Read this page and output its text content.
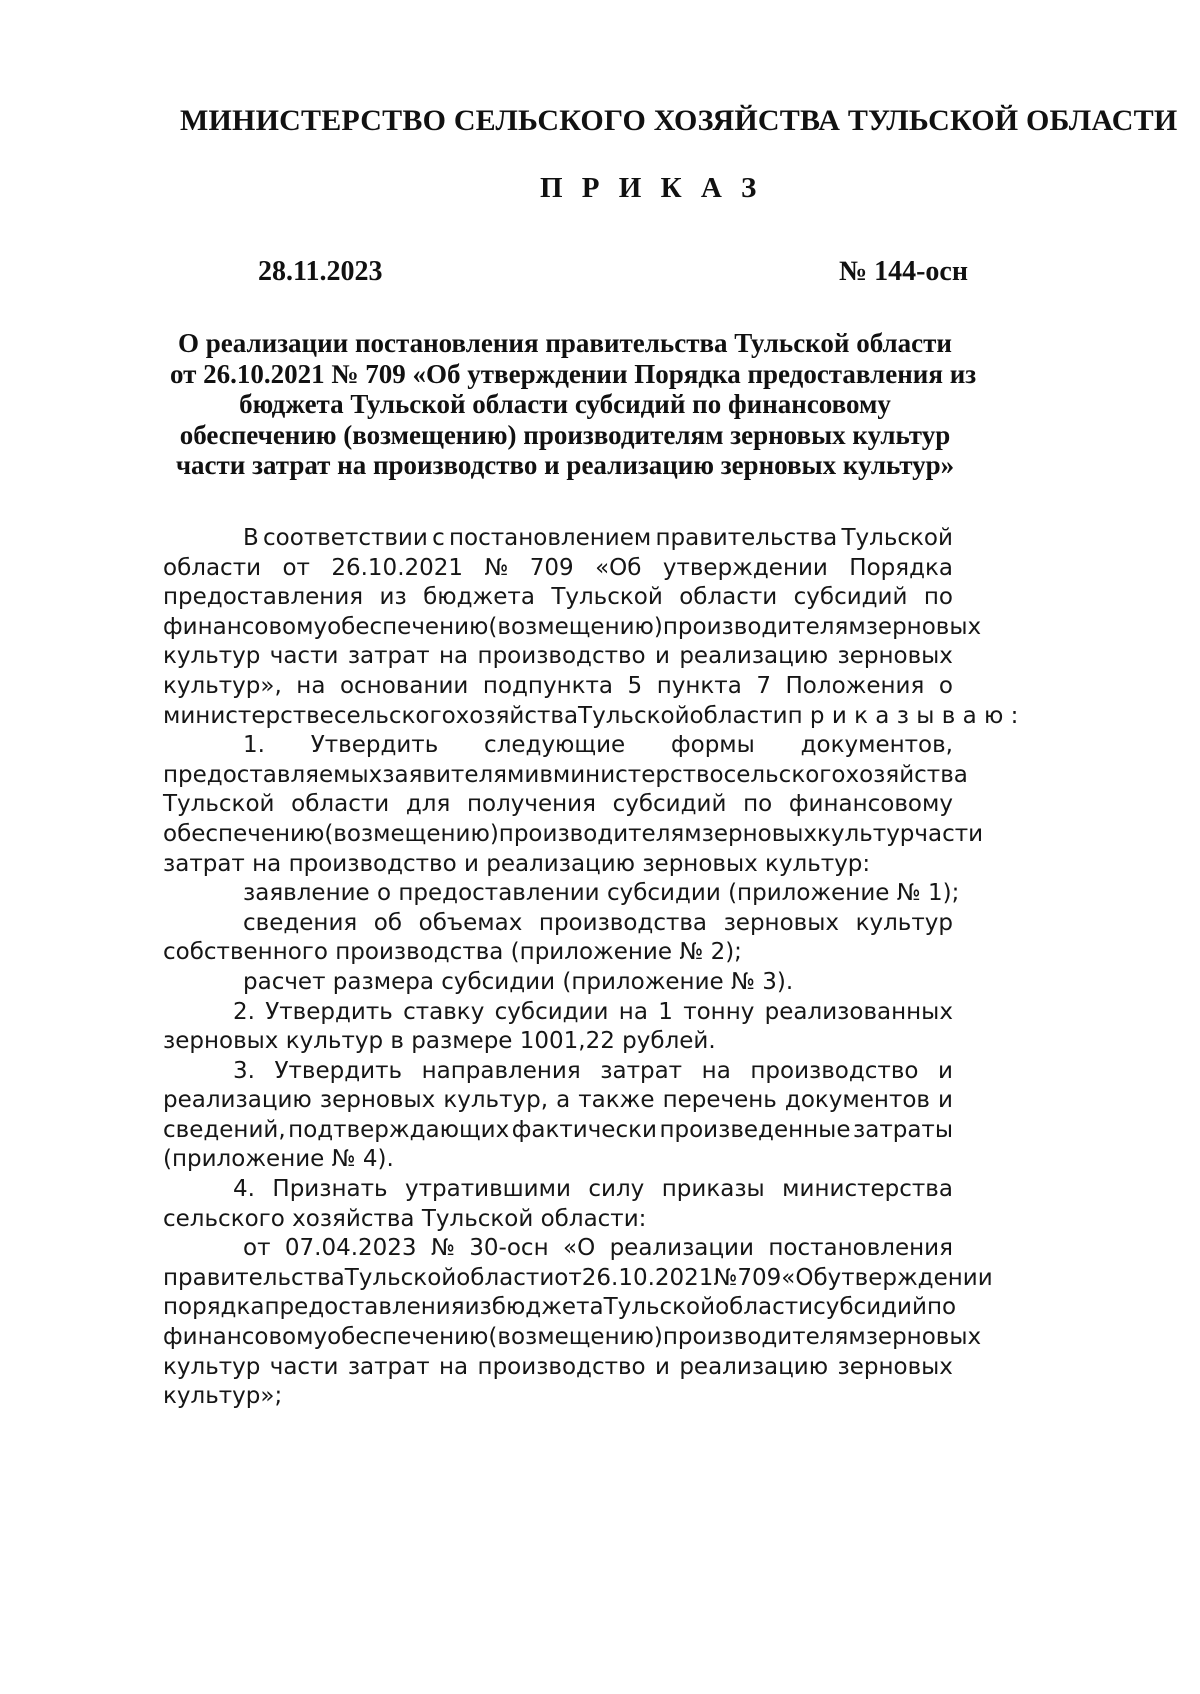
МИНИСТЕРСТВО СЕЛЬСКОГО ХОЗЯЙСТВА ТУЛЬСКОЙ ОБЛАСТИ
П Р И К А З
28.11.2023	№ 144-осн
О реализации постановления правительства Тульской области
от 26.10.2021 № 709 «Об утверждении Порядка предоставления из
бюджета Тульской области субсидий по финансовому
обеспечению (возмещению) производителям зерновых культур
части затрат на производство и реализацию зерновых культур»
В соответствии с постановлением правительства Тульской
области от 26.10.2021 № 709 «Об утверждении Порядка
предоставления из бюджета Тульской области субсидий по
финансовому обеспечению (возмещению) производителям зерновых
культур части затрат на производство и реализацию зерновых
культур», на основании подпункта 5 пункта 7 Положения о
министерстве сельского хозяйства Тульской области п р и к а з ы в а ю :
1. Утвердить следующие формы документов,
предоставляемых заявителями в министерство сельского хозяйства
Тульской области для получения субсидий по финансовому
обеспечению (возмещению) производителям зерновых культур части
затрат на производство и реализацию зерновых культур:
заявление о предоставлении субсидии (приложение № 1);
сведения об объемах производства зерновых культур
собственного производства (приложение № 2);
расчет размера субсидии (приложение № 3).
2. Утвердить ставку субсидии на 1 тонну реализованных
зерновых культур в размере 1001,22 рублей.
3. Утвердить направления затрат на производство и
реализацию зерновых культур, а также перечень документов и
сведений, подтверждающих фактически произведенные затраты
(приложение № 4).
4. Признать утратившими силу приказы министерства
сельского хозяйства Тульской области:
от 07.04.2023 № 30-осн «О реализации постановления
правительства Тульской области от 26.10.2021 № 709 «Об утверждении
порядка предоставления из бюджета Тульской области субсидий по
финансовому обеспечению (возмещению) производителям зерновых
культур части затрат на производство и реализацию зерновых
культур»;
